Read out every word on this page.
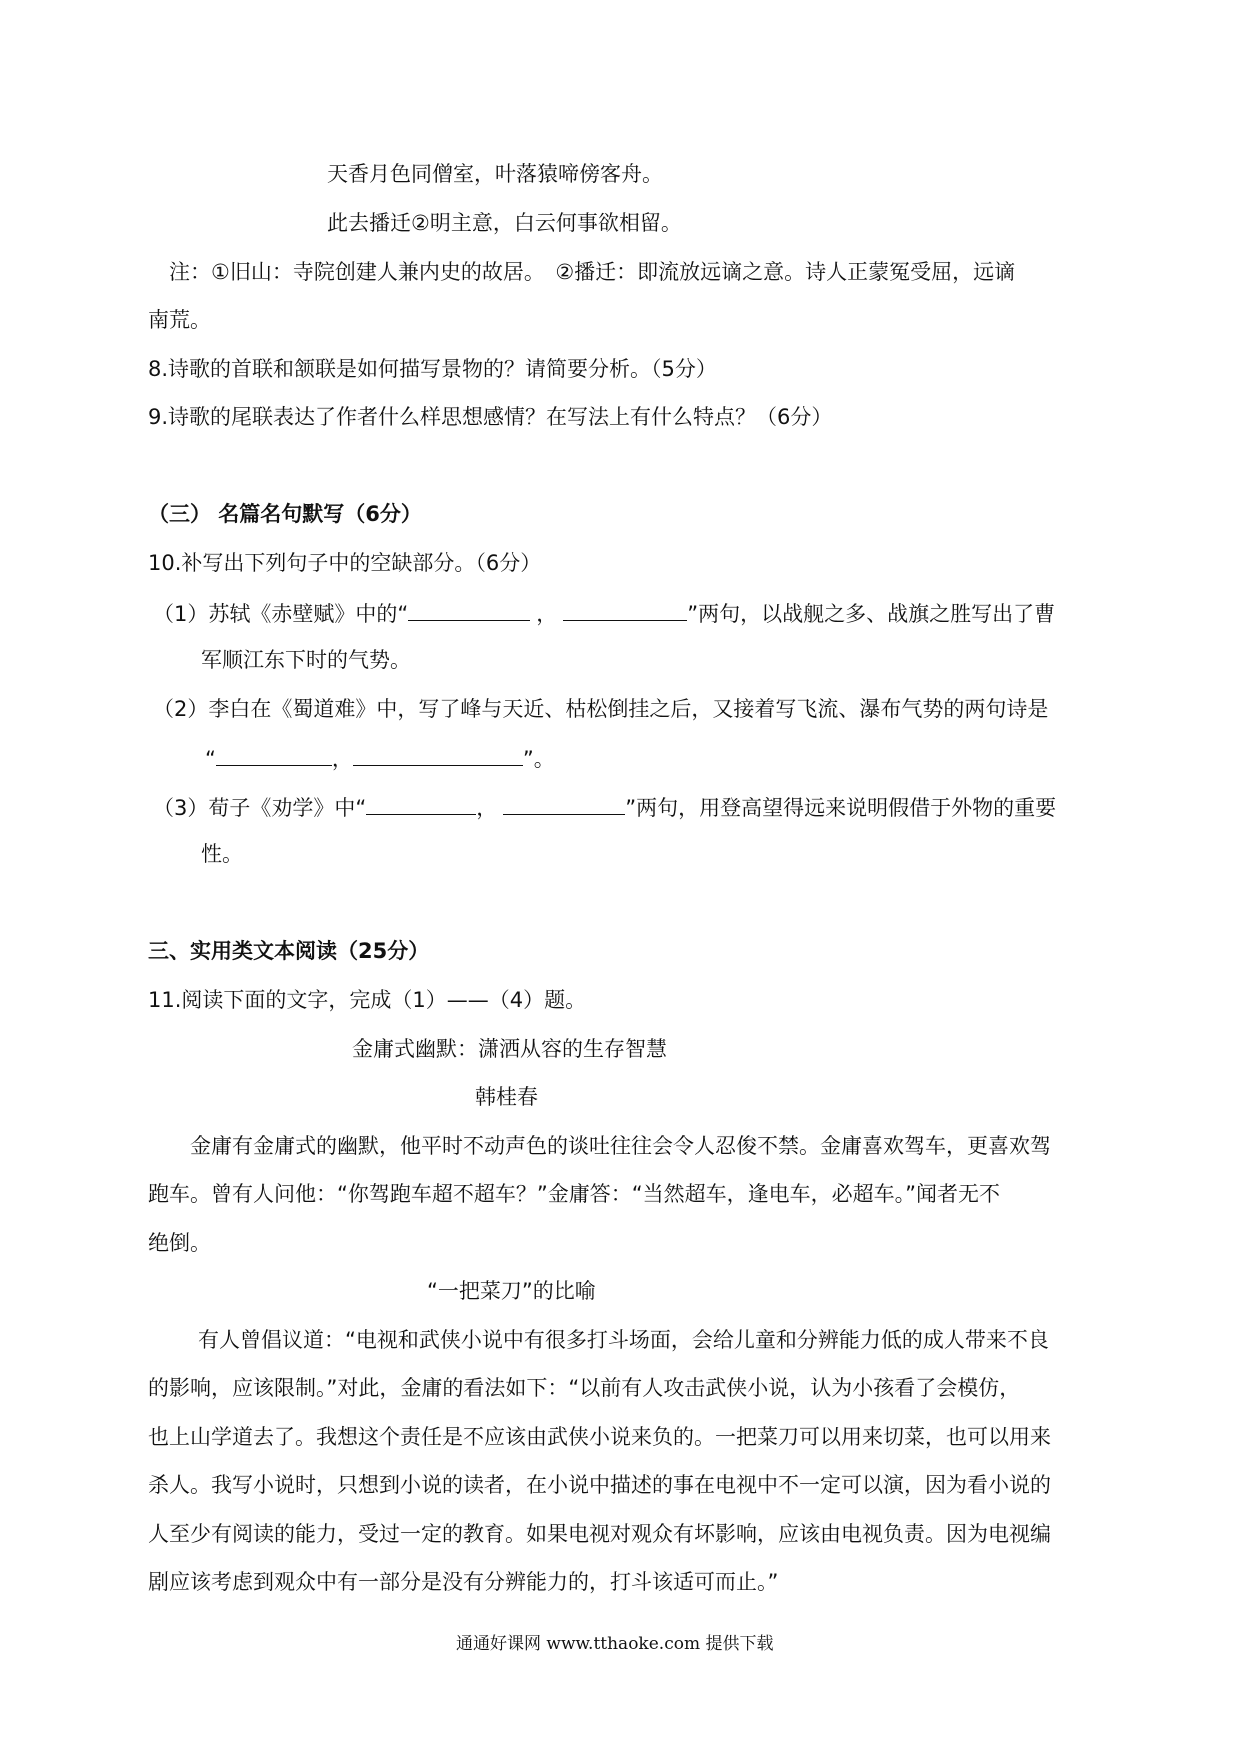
天香月色同僧室，叶落猿啼傍客舟。
此去播迁②明主意，白云何事欲相留。
注：①旧山：寺院创建人兼内史的故居。　②播迁：即流放远谪之意。诗人正蒙冤受屈，远谪
南荒。
8.诗歌的首联和颔联是如何描写景物的？请简要分析。（5分）
9.诗歌的尾联表达了作者什么样思想感情？在写法上有什么特点？（6分）
（三） 名篇名句默写（6分）
10.补写出下列句子中的空缺部分。（6分）
（1）苏轼《赤壁赋》中的“	，	”两句，以战舰之多、战旗之胜写出了曹
军顺江东下时的气势。
（2）李白在《蜀道难》中，写了峰与天近、枯松倒挂之后，又接着写飞流、瀑布气势的两句诗是
“	，	”。
（3）荀子《劝学》中“	，	”两句，用登高望得远来说明假借于外物的重要
性。
三、实用类文本阅读（25分）
11.阅读下面的文字，完成（1）——（4）题。
金庸式幽默：潇洒从容的生存智慧
韩桂春
金庸有金庸式的幽默，他平时不动声色的谈吐往往会令人忍俊不禁。金庸喜欢驾车，更喜欢驾
跑车。曾有人问他：“你驾跑车超不超车？”金庸答：“当然超车，逢电车，必超车。”闻者无不
绝倒。
“一把菜刀”的比喻
有人曾倡议道：“电视和武侠小说中有很多打斗场面，会给儿童和分辨能力低的成人带来不良
的影响，应该限制。”对此，金庸的看法如下：“以前有人攻击武侠小说，认为小孩看了会模仿，
也上山学道去了。我想这个责任是不应该由武侠小说来负的。一把菜刀可以用来切菜，也可以用来
杀人。我写小说时，只想到小说的读者，在小说中描述的事在电视中不一定可以演，因为看小说的
人至少有阅读的能力，受过一定的教育。如果电视对观众有坏影响，应该由电视负责。因为电视编
剧应该考虑到观众中有一部分是没有分辨能力的，打斗该适可而止。”
通通好课网 www.tthaoke.com 提供下载
